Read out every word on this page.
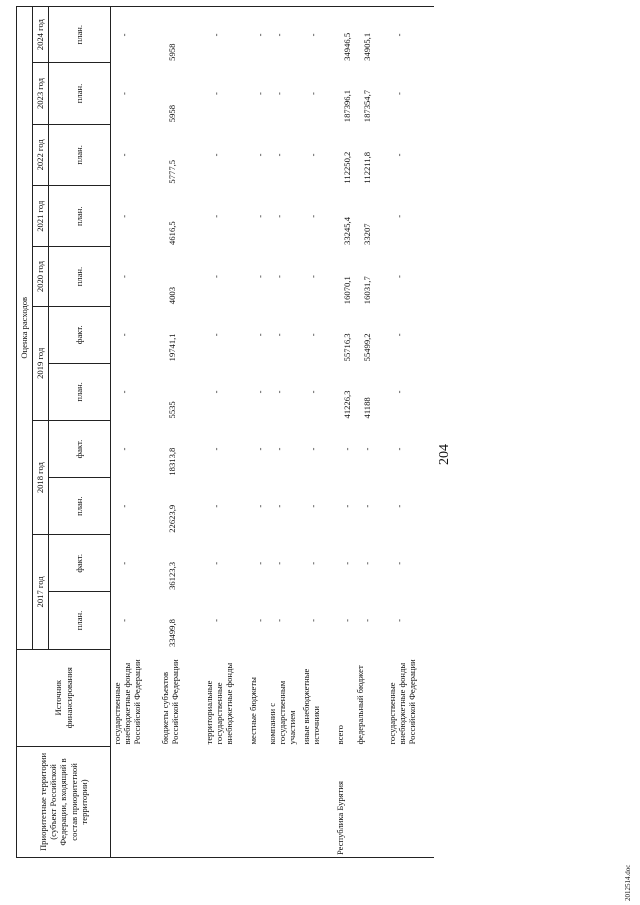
204
Приоритетные территории (субъект Российской Федерации, входящий в состав приоритетной территории)	Источник финансирования	Оценка расходов										
		2017 год		2018 год		2019 год		2020 год	2021 год	2022 год	2023 год	2024 год
		план.	факт.	план.	факт.	план.	факт.	план.	план.	план.	план.	план.
	государственные внебюджетные фонды Российской Федерации	-	-	-	-	-	-	-	-	-	-	-
	бюджеты субъектов Российской Федерации	33499,8	36123,3	22623,9	18313,8	5535	19741,1	4003	4616,5	5777,5	5958	5958
	территориальные государственные внебюджетные фонды	-	-	-	-	-	-	-	-	-	-	-
	местные бюджеты	-	-	-	-	-	-	-	-	-	-	-
	компании с государственным участием	-	-	-	-	-	-	-	-	-	-	-
	иные внебюджетные источники	-	-	-	-	-	-	-	-	-	-	-
Республика Бурятия	всего	-	-	-	-	41226,3	55716,3	16070,1	33245,4	112250,2	187396,1	34946,5
	федеральный бюджет	-	-	-	-	41188	55499,2	16031,7	33207	112211,8	187354,7	34905,1
	государственные внебюджетные фонды Российской Федерации	-	-	-	-	-	-	-	-	-	-	-
2012514.doc
